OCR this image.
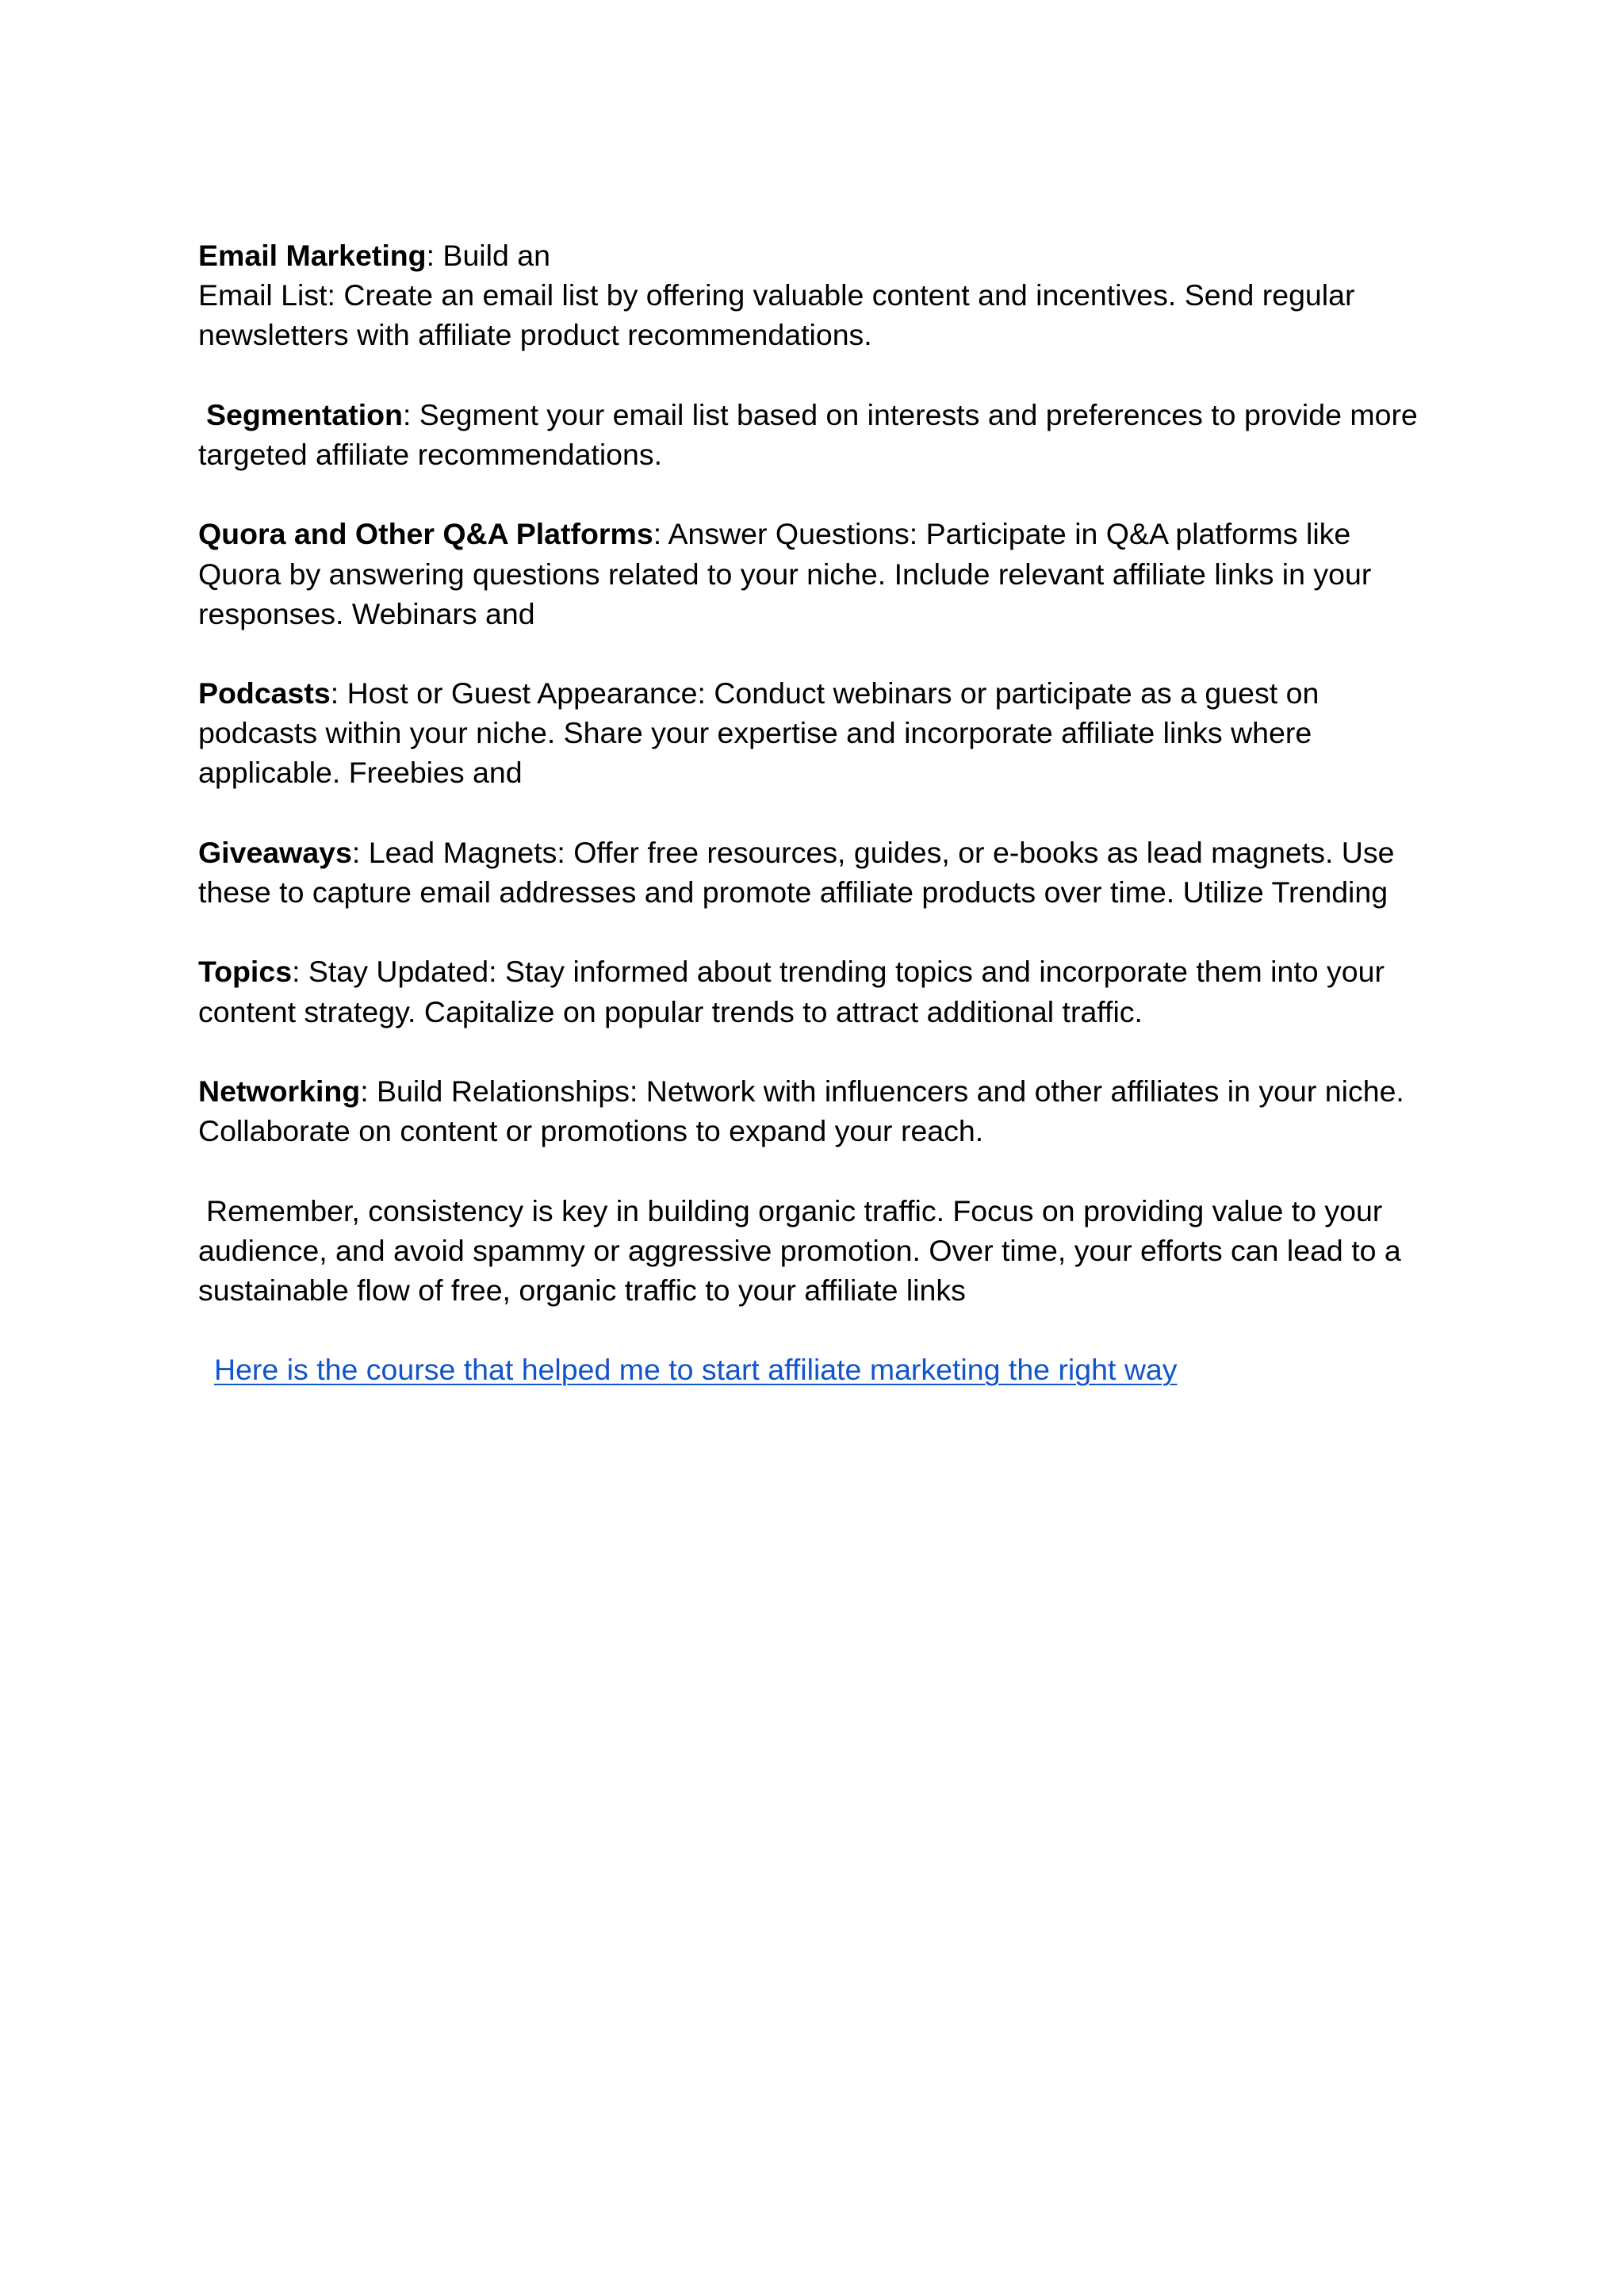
Email Marketing: Build an
Email List: Create an email list by offering valuable content and incentives. Send regular
newsletters with affiliate product recommendations.
Segmentation: Segment your email list based on interests and preferences to provide more
targeted affiliate recommendations.
Quora and Other Q&A Platforms: Answer Questions: Participate in Q&A platforms like
Quora by answering questions related to your niche. Include relevant affiliate links in your
responses. Webinars and
Podcasts: Host or Guest Appearance: Conduct webinars or participate as a guest on
podcasts within your niche. Share your expertise and incorporate affiliate links where
applicable. Freebies and
Giveaways: Lead Magnets: Offer free resources, guides, or e-books as lead magnets. Use
these to capture email addresses and promote affiliate products over time. Utilize Trending
Topics: Stay Updated: Stay informed about trending topics and incorporate them into your
content strategy. Capitalize on popular trends to attract additional traffic.
Networking: Build Relationships: Network with influencers and other affiliates in your niche.
Collaborate on content or promotions to expand your reach.
Remember, consistency is key in building organic traffic. Focus on providing value to your
audience, and avoid spammy or aggressive promotion. Over time, your efforts can lead to a
sustainable flow of free, organic traffic to your affiliate links
Here is the course that helped me to start affiliate marketing the right way
